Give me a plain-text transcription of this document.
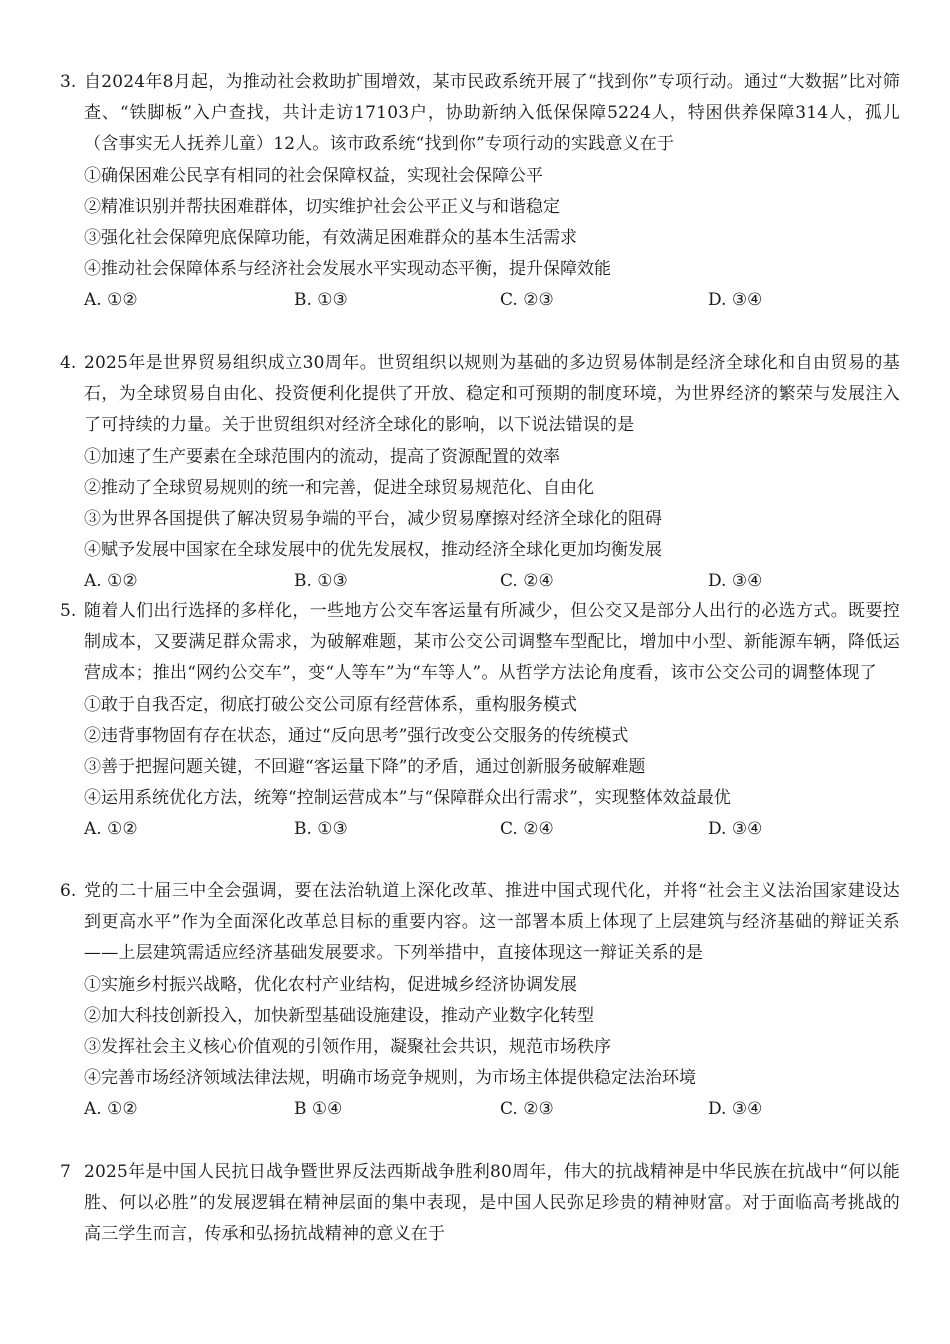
3. 自2024年8月起，为推动社会救助扩围增效，某市民政系统开展了“找到你”专项行动。通过“大数据”比对筛查、“铁脚板”入户查找，共计走访17103户，协助新纳入低保保障5224人，特困供养保障314人，孤儿（含事实无人抚养儿童）12人。该市政系统“找到你”专项行动的实践意义在于
①确保困难公民享有相同的社会保障权益，实现社会保障公平
②精准识别并帮扶困难群体，切实维护社会公平正义与和谐稳定
③强化社会保障兜底保障功能，有效满足困难群众的基本生活需求
④推动社会保障体系与经济社会发展水平实现动态平衡，提升保障效能
A. ①②	B. ①③	C. ②③	D. ③④
4. 2025年是世界贸易组织成立30周年。世贸组织以规则为基础的多边贸易体制是经济全球化和自由贸易的基石，为全球贸易自由化、投资便利化提供了开放、稳定和可预期的制度环境，为世界经济的繁荣与发展注入了可持续的力量。关于世贸组织对经济全球化的影响，以下说法错误的是
①加速了生产要素在全球范围内的流动，提高了资源配置的效率
②推动了全球贸易规则的统一和完善，促进全球贸易规范化、自由化
③为世界各国提供了解决贸易争端的平台，减少贸易摩擦对经济全球化的阻碍
④赋予发展中国家在全球发展中的优先发展权，推动经济全球化更加均衡发展
A. ①②	B. ①③	C. ②④	D. ③④
5. 随着人们出行选择的多样化，一些地方公交车客运量有所减少，但公交又是部分人出行的必选方式。既要控制成本，又要满足群众需求，为破解难题，某市公交公司调整车型配比，增加中小型、新能源车辆，降低运营成本；推出“网约公交车”，变“人等车”为“车等人”。从哲学方法论角度看，该市公交公司的调整体现了
①敢于自我否定，彻底打破公交公司原有经营体系，重构服务模式
②违背事物固有存在状态，通过“反向思考”强行改变公交服务的传统模式
③善于把握问题关键，不回避“客运量下降”的矛盾，通过创新服务破解难题
④运用系统优化方法，统筹“控制运营成本”与“保障群众出行需求”，实现整体效益最优
A. ①②	B. ①③	C. ②④	D. ③④
6. 党的二十届三中全会强调，要在法治轨道上深化改革、推进中国式现代化，并将“社会主义法治国家建设达到更高水平”作为全面深化改革总目标的重要内容。这一部署本质上体现了上层建筑与经济基础的辩证关系——上层建筑需适应经济基础发展要求。下列举措中，直接体现这一辩证关系的是
①实施乡村振兴战略，优化农村产业结构，促进城乡经济协调发展
②加大科技创新投入，加快新型基础设施建设，推动产业数字化转型
③发挥社会主义核心价值观的引领作用，凝聚社会共识，规范市场秩序
④完善市场经济领域法律法规，明确市场竞争规则，为市场主体提供稳定法治环境
A. ①②	B ①④	C. ②③	D. ③④
7 2025年是中国人民抗日战争暨世界反法西斯战争胜利80周年，伟大的抗战精神是中华民族在抗战中“何以能胜、何以必胜”的发展逻辑在精神层面的集中表现，是中国人民弥足珍贵的精神财富。对于面临高考挑战的高三学生而言，传承和弘扬抗战精神的意义在于
